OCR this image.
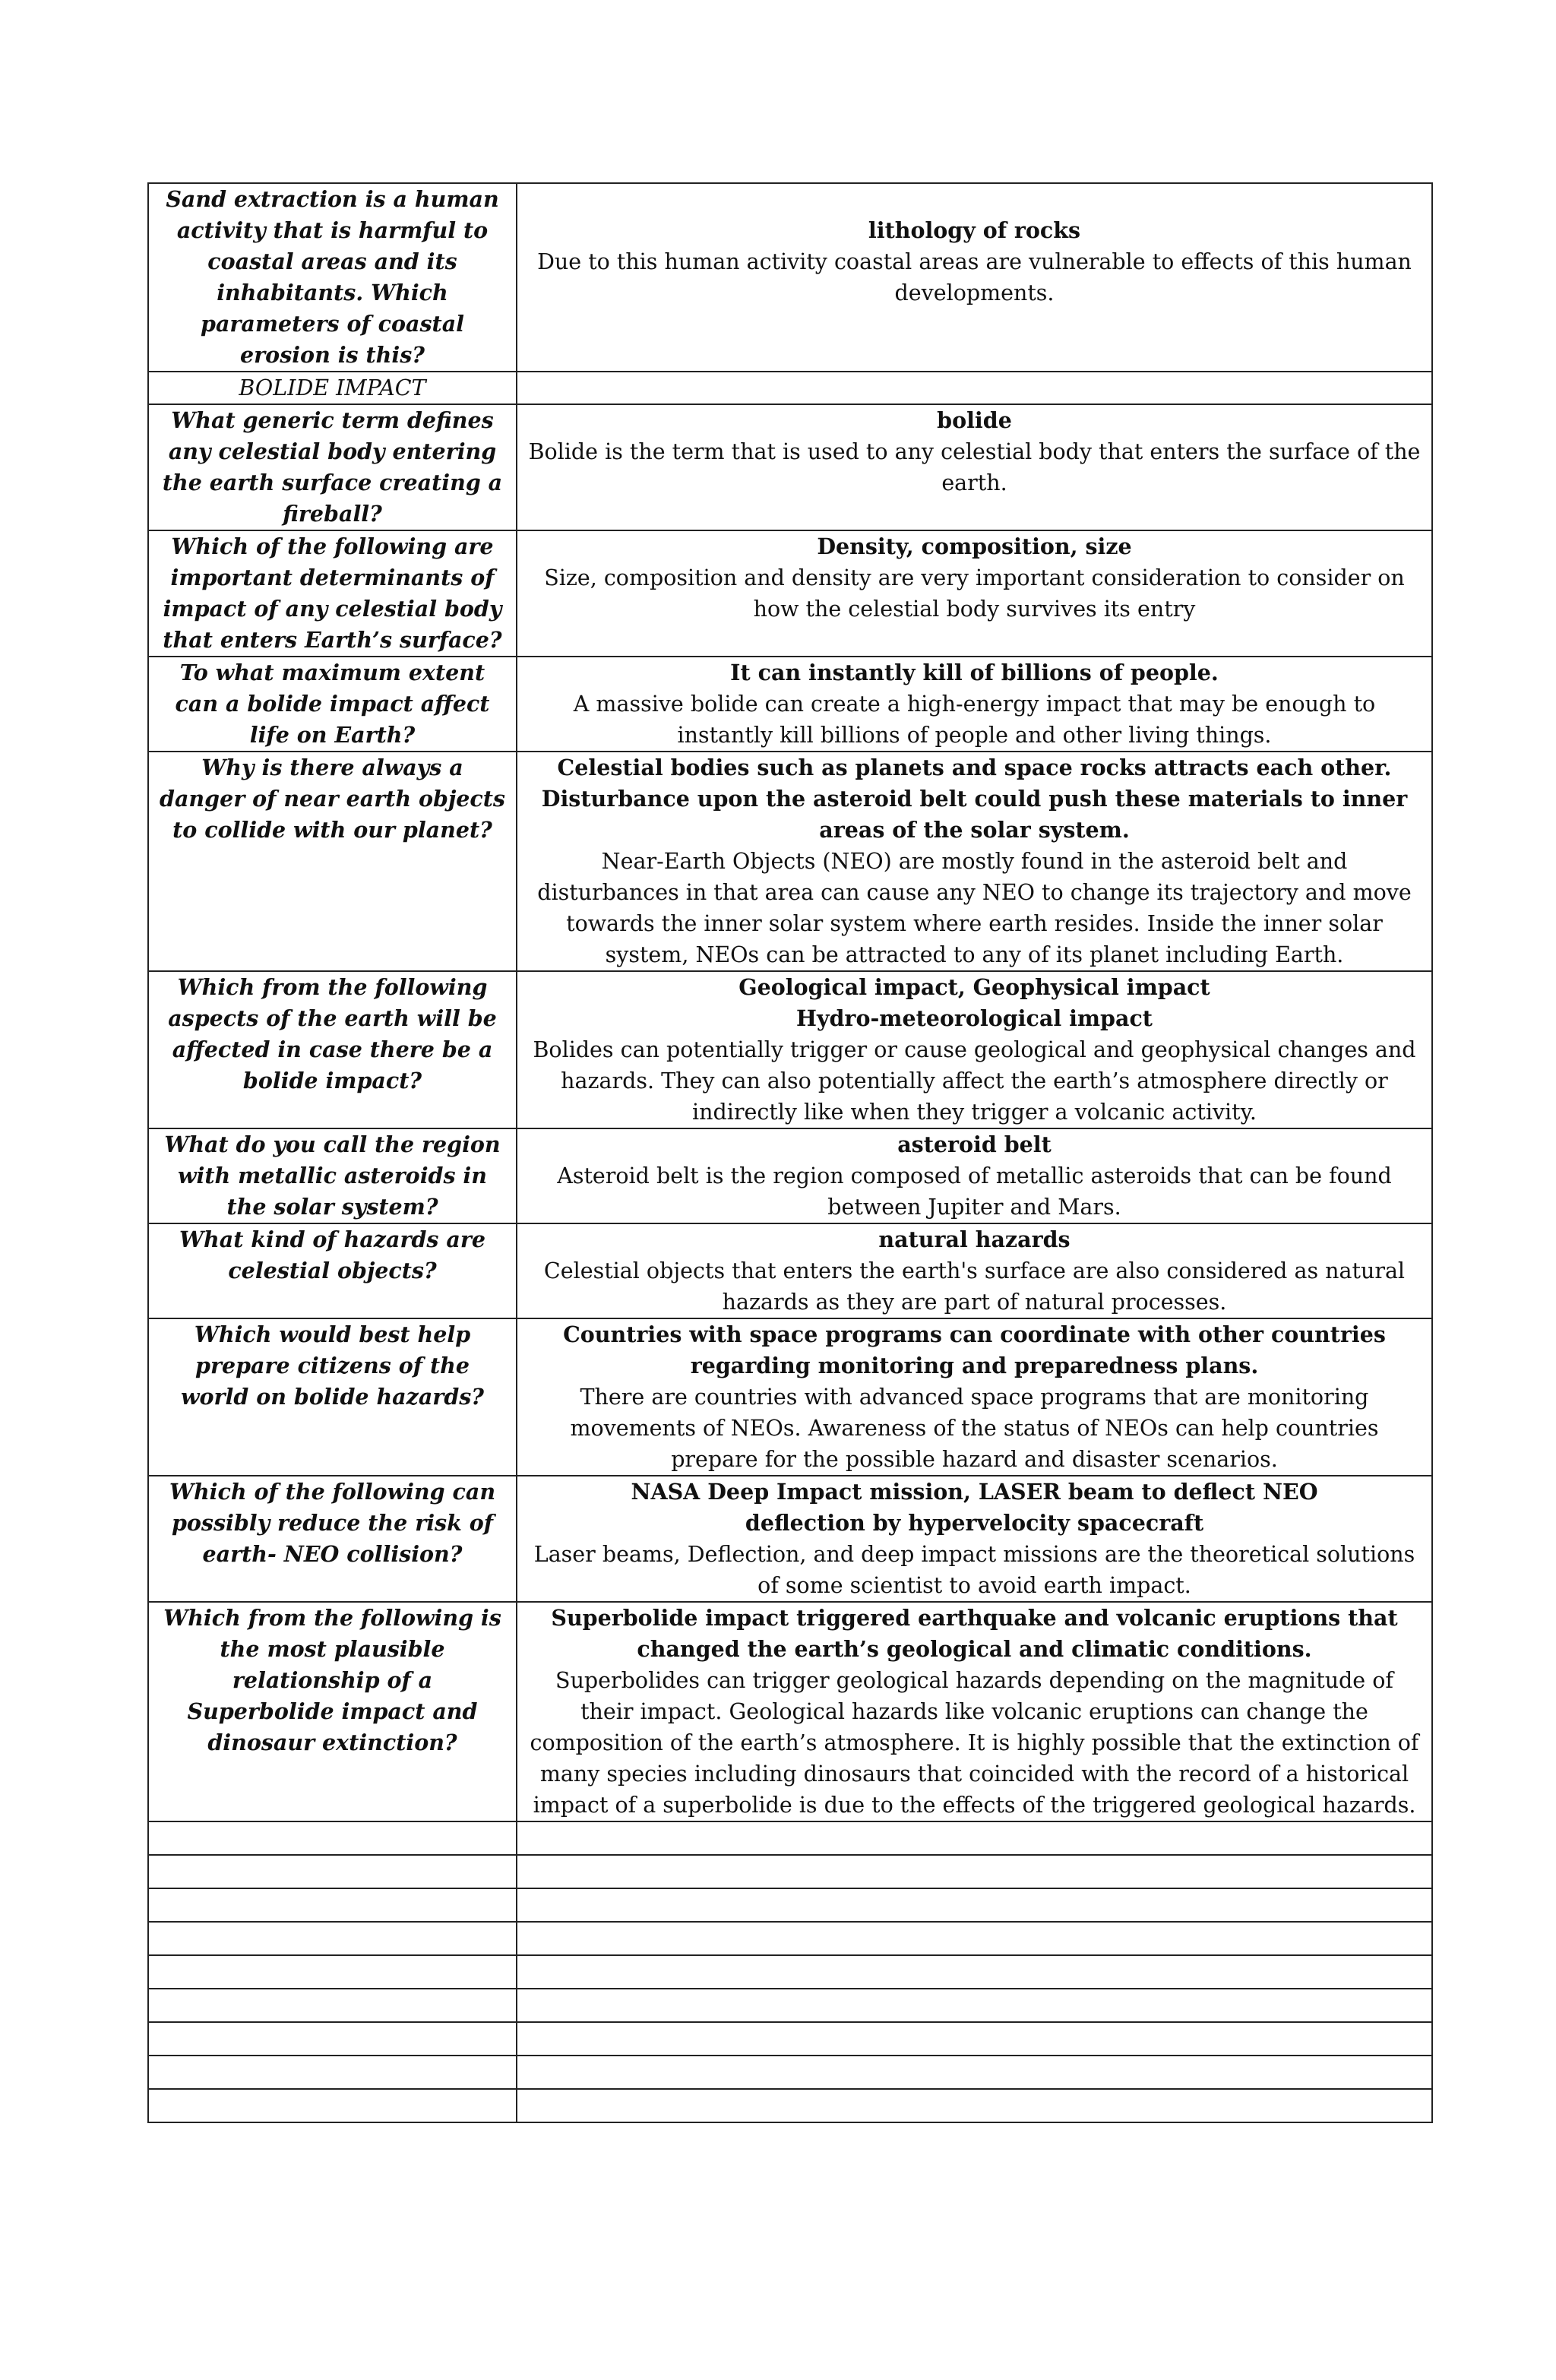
Sand extraction is a human activity that is harmful to coastal areas and its inhabitants. Which parameters of coastal erosion is this?	lithology of rocks
Due to this human activity coastal areas are vulnerable to effects of this human developments.

BOLIDE IMPACT	

What generic term defines any celestial body entering the earth surface creating a fireball?	bolide
Bolide is the term that is used to any celestial body that enters the surface of the earth.

Which of the following are important determinants of impact of any celestial body that enters Earth’s surface?	Density, composition, size
Size, composition and density are very important consideration to consider on how the celestial body survives its entry

To what maximum extent can a bolide impact affect life on Earth?	It can instantly kill of billions of people.
A massive bolide can create a high-energy impact that may be enough to instantly kill billions of people and other living things.

Why is there always a danger of near earth objects to collide with our planet?	Celestial bodies such as planets and space rocks attracts each other. Disturbance upon the asteroid belt could push these materials to inner areas of the solar system.
Near-Earth Objects (NEO) are mostly found in the asteroid belt and disturbances in that area can cause any NEO to change its trajectory and move towards the inner solar system where earth resides. Inside the inner solar system, NEOs can be attracted to any of its planet including Earth.

Which from the following aspects of the earth will be affected in case there be a bolide impact?	Geological impact, Geophysical impact
Hydro-meteorological impact
Bolides can potentially trigger or cause geological and geophysical changes and hazards. They can also potentially affect the earth’s atmosphere directly or indirectly like when they trigger a volcanic activity.

What do you call the region with metallic asteroids in the solar system?	asteroid belt
Asteroid belt is the region composed of metallic asteroids that can be found between Jupiter and Mars.

What kind of hazards are celestial objects?	natural hazards
Celestial objects that enters the earth's surface are also considered as natural hazards as they are part of natural processes.

Which would best help prepare citizens of the world on bolide hazards?	Countries with space programs can coordinate with other countries regarding monitoring and preparedness plans.
There are countries with advanced space programs that are monitoring movements of NEOs. Awareness of the status of NEOs can help countries prepare for the possible hazard and disaster scenarios.

Which of the following can possibly reduce the risk of earth- NEO collision?	NASA Deep Impact mission, LASER beam to deflect NEO
deflection by hypervelocity spacecraft
Laser beams, Deflection, and deep impact missions are the theoretical solutions of some scientist to avoid earth impact.

Which from the following is the most plausible relationship of a Superbolide impact and dinosaur extinction?	Superbolide impact triggered earthquake and volcanic eruptions that changed the earth’s geological and climatic conditions.
Superbolides can trigger geological hazards depending on the magnitude of their impact. Geological hazards like volcanic eruptions can change the composition of the earth’s atmosphere. It is highly possible that the extinction of many species including dinosaurs that coincided with the record of a historical impact of a superbolide is due to the effects of the triggered geological hazards.
